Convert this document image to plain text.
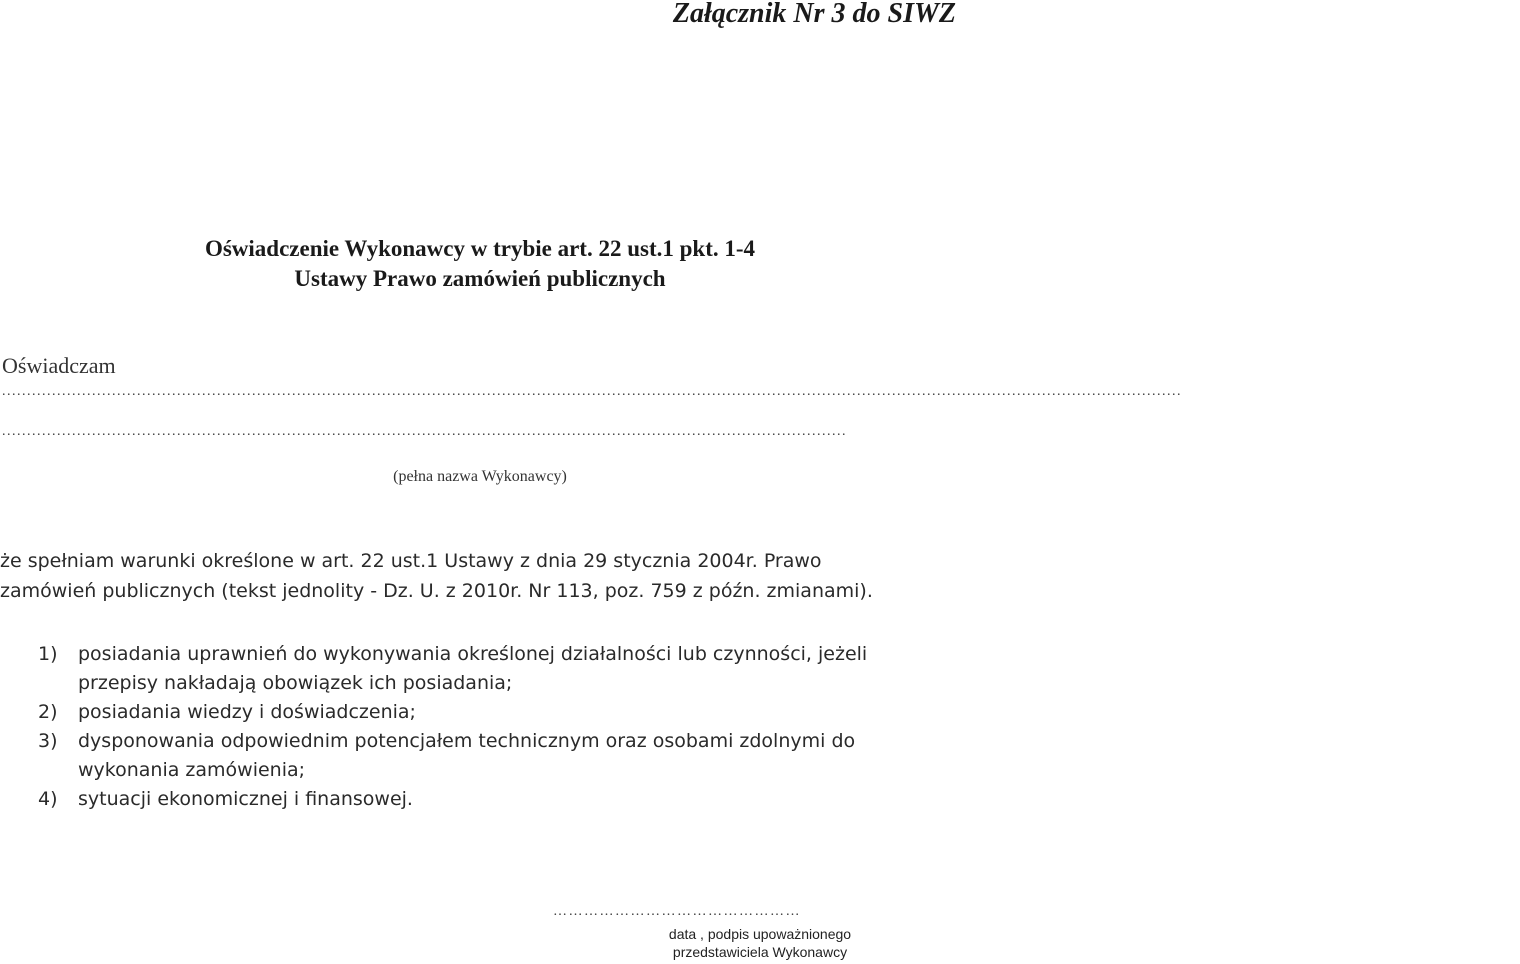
Załącznik Nr 3 do SIWZ
Oświadczenie Wykonawcy w trybie art. 22 ust.1 pkt. 1-4
Ustawy Prawo zamówień publicznych
Oświadczam
............................................................................................................................................................................................................................................
.........................................................................................................................................................................
(pełna nazwa Wykonawcy)
że spełniam warunki określone w art. 22 ust.1 Ustawy z dnia 29 stycznia 2004r. Prawo
zamówień publicznych (tekst jednolity - Dz. U. z 2010r. Nr 113, poz. 759 z późn. zmianami).
1) posiadania uprawnień do wykonywania określonej działalności lub czynności, jeżeli
przepisy nakładają obowiązek ich posiadania;
2) posiadania wiedzy i doświadczenia;
3) dysponowania odpowiednim potencjałem technicznym oraz osobami zdolnymi do
wykonania zamówienia;
4) sytuacji ekonomicznej i finansowej.
…………………………………………
data , podpis upoważnionego
przedstawiciela Wykonawcy
